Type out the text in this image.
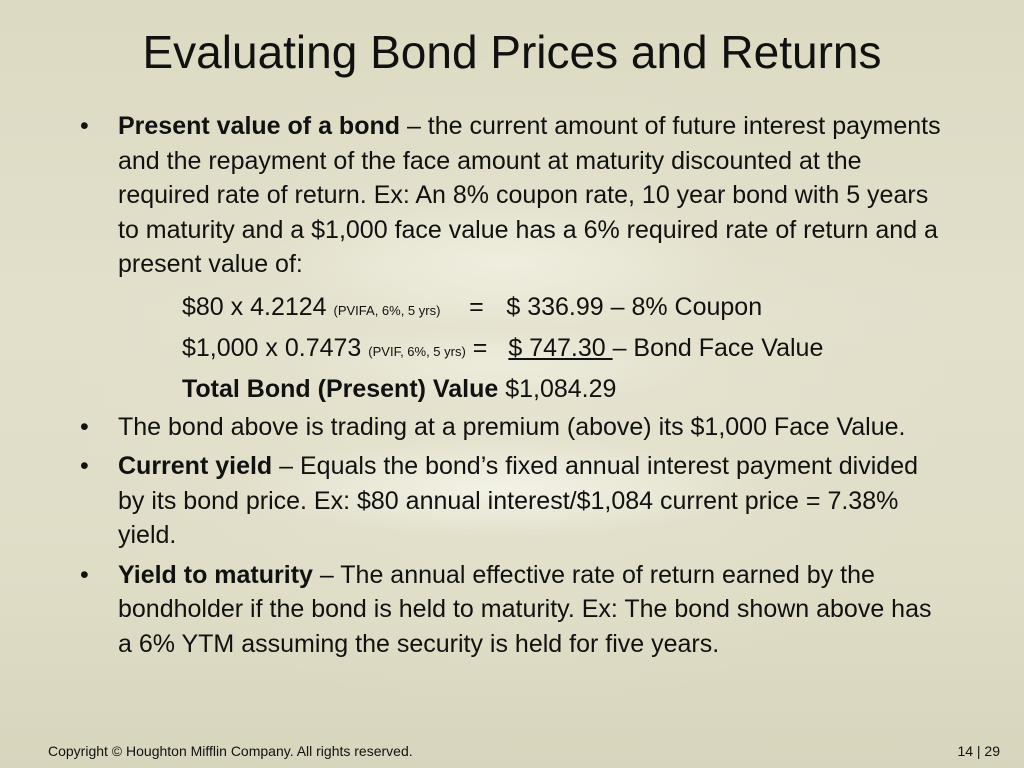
Evaluating Bond Prices and Returns
• Present value of a bond – the current amount of future interest payments and the repayment of the face amount at maturity discounted at the required rate of return. Ex: An 8% coupon rate, 10 year bond with 5 years to maturity and a $1,000 face value has a 6% required rate of return and a present value of:
$80 x 4.2124 (PVIFA, 6%, 5 yrs) = $ 336.99 – 8% Coupon
$1,000 x 0.7473 (PVIF, 6%, 5 yrs) = $ 747.30 – Bond Face Value
Total Bond (Present) Value $1,084.29
• The bond above is trading at a premium (above) its $1,000 Face Value.
• Current yield – Equals the bond’s fixed annual interest payment divided by its bond price. Ex: $80 annual interest/$1,084 current price = 7.38% yield.
• Yield to maturity – The annual effective rate of return earned by the bondholder if the bond is held to maturity. Ex: The bond shown above has a 6% YTM assuming the security is held for five years.
Copyright © Houghton Mifflin Company. All rights reserved.	14 | 29
